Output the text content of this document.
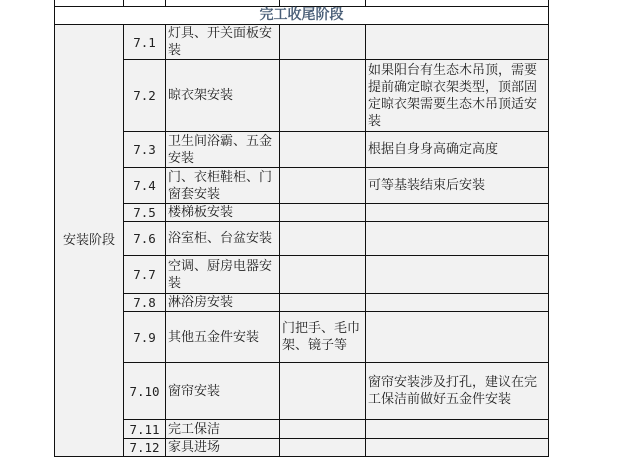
完工收尾阶段				
安装阶段	7.1	灯具、开关面板安装		
	7.2	晾衣架安装		如果阳台有生态木吊顶，需要提前确定晾衣架类型，顶部固定晾衣架需要生态木吊顶适安装
	7.3	卫生间浴霸、五金安装		根据自身身高确定高度
	7.4	门、衣柜鞋柜、门窗套安装		可等基装结束后安装
	7.5	楼梯板安装		
	7.6	浴室柜、台盆安装		
	7.7	空调、厨房电器安装		
	7.8	淋浴房安装		
	7.9	其他五金件安装	门把手、毛巾架、镜子等	
	7.10	窗帘安装		窗帘安装涉及打孔，建议在完工保洁前做好五金件安装
	7.11	完工保洁		
	7.12	家具进场		
